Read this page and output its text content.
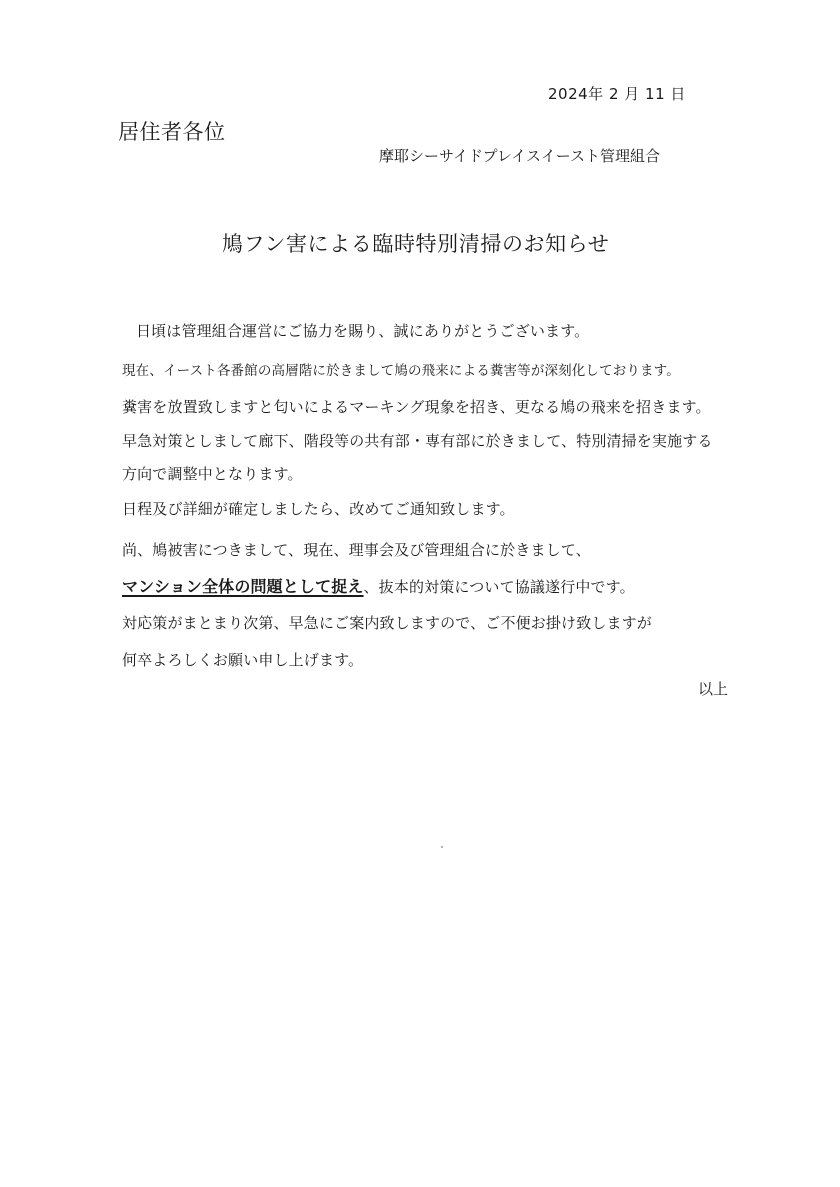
2024年 2 月 11 日
居住者各位
摩耶シーサイドプレイスイースト管理組合
鳩フン害による臨時特別清掃のお知らせ
日頃は管理組合運営にご協力を賜り、誠にありがとうございます。
現在、イースト各番館の高層階に於きまして鳩の飛来による糞害等が深刻化しております。
糞害を放置致しますと匂いによるマーキング現象を招き、更なる鳩の飛来を招きます。
早急対策としまして廊下、階段等の共有部・専有部に於きまして、特別清掃を実施する
方向で調整中となります。
日程及び詳細が確定しましたら、改めてご通知致します。
尚、鳩被害につきまして、現在、理事会及び管理組合に於きまして、
マンション全体の問題として捉え、抜本的対策について協議遂行中です。
対応策がまとまり次第、早急にご案内致しますので、ご不便お掛け致しますが
何卒よろしくお願い申し上げます。
以上
